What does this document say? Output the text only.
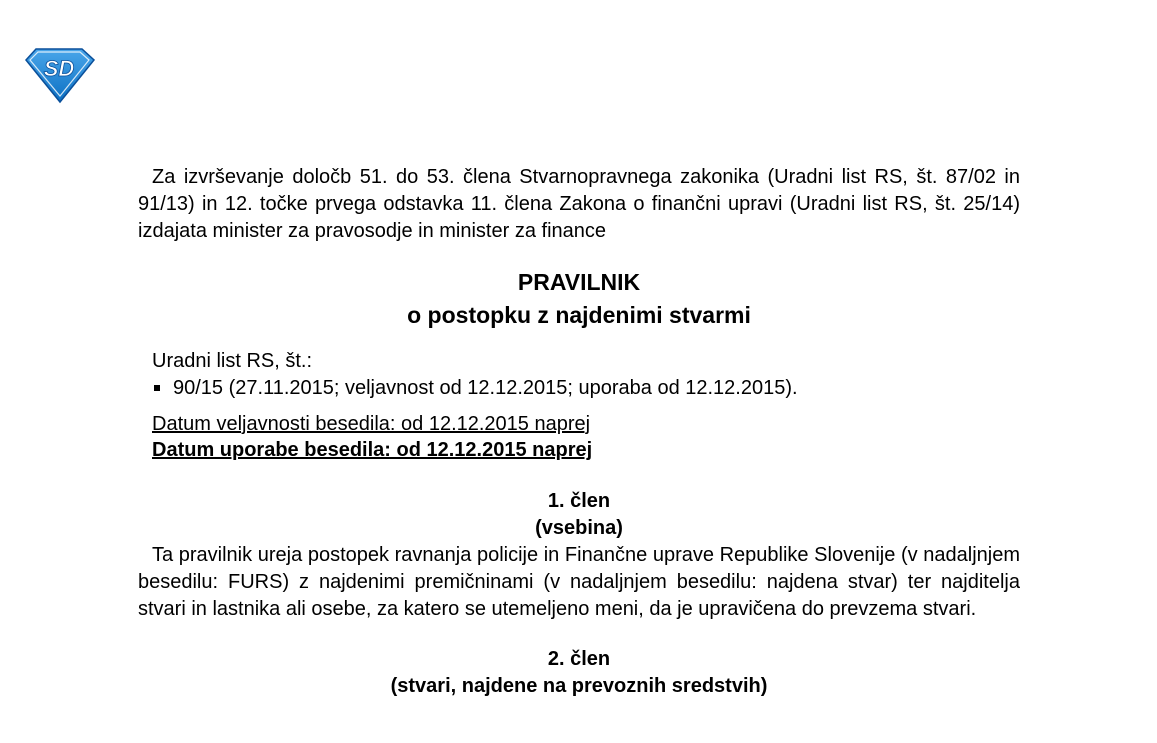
SD

Za izvrševanje določb 51. do 53. člena Stvarnopravnega zakonika (Uradni list RS, št. 87/02 in 91/13) in 12. točke prvega odstavka 11. člena Zakona o finančni upravi (Uradni list RS, št. 25/14) izdajata minister za pravosodje in minister za finance

PRAVILNIK
o postopku z najdenimi stvarmi
Uradni list RS, št.:
90/15 (27.11.2015; veljavnost od 12.12.2015; uporaba od 12.12.2015).
Datum veljavnosti besedila: od 12.12.2015 naprej
Datum uporabe besedila: od 12.12.2015 naprej
1. člen
(vsebina)

Ta pravilnik ureja postopek ravnanja policije in Finančne uprave Republike Slovenije (v nadaljnjem besedilu: FURS) z najdenimi premičninami (v nadaljnjem besedilu: najdena stvar) ter najditelja stvari in lastnika ali osebe, za katero se utemeljeno meni, da je upravičena do prevzema stvari.

2. člen
(stvari, najdene na prevoznih sredstvih)
